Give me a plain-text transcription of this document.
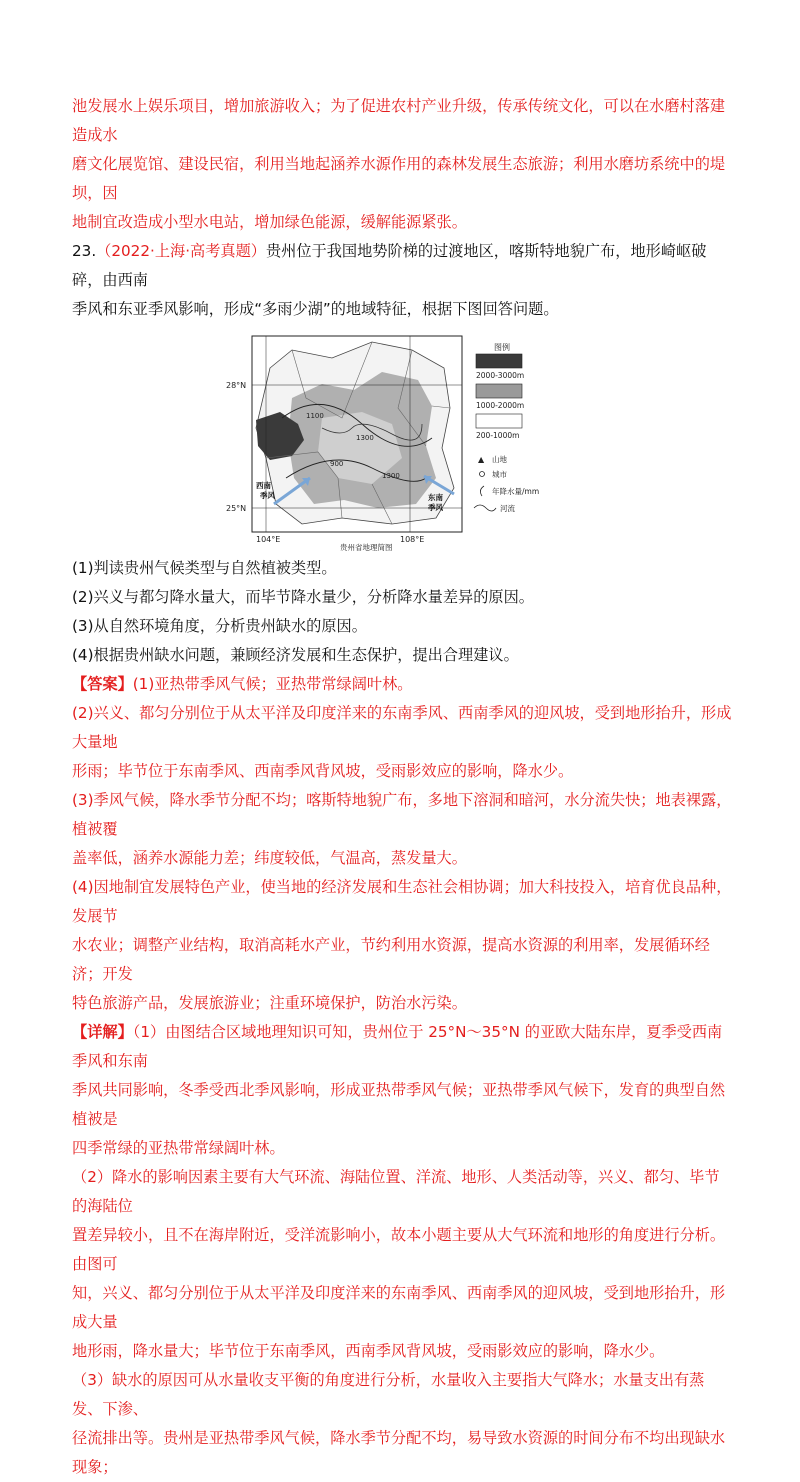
池发展水上娱乐项目，增加旅游收入；为了促进农村产业升级，传承传统文化，可以在水磨村落建造成水

磨文化展览馆、建设民宿，利用当地起涵养水源作用的森林发展生态旅游；利用水磨坊系统中的堤坝，因

地制宜改造成小型水电站，增加绿色能源，缓解能源紧张。

23.（2022·上海·高考真题）贵州位于我国地势阶梯的过渡地区，喀斯特地貌广布，地形崎岖破碎，由西南

季风和东亚季风影响，形成“多雨少湖”的地域特征，根据下图回答问题。

1100
1300
900
1300
28°N
25°N
104°E	108°E
贵州省地理简图
西南
季风	东南
季风
图例
2000-3000m
1000-2000m
200-1000m
▲ 山地
城市
年降水量/mm
河流

(1)判读贵州气候类型与自然植被类型。

(2)兴义与都匀降水量大，而毕节降水量少，分析降水量差异的原因。

(3)从自然环境角度，分析贵州缺水的原因。

(4)根据贵州缺水问题，兼顾经济发展和生态保护，提出合理建议。

【答案】(1)亚热带季风气候；亚热带常绿阔叶林。

(2)兴义、都匀分别位于从太平洋及印度洋来的东南季风、西南季风的迎风坡，受到地形抬升，形成大量地

形雨；毕节位于东南季风、西南季风背风坡，受雨影效应的影响，降水少。

(3)季风气候，降水季节分配不均；喀斯特地貌广布，多地下溶洞和暗河，水分流失快；地表裸露，植被覆

盖率低，涵养水源能力差；纬度较低，气温高，蒸发量大。

(4)因地制宜发展特色产业，使当地的经济发展和生态社会相协调；加大科技投入，培育优良品种，发展节

水农业；调整产业结构，取消高耗水产业，节约利用水资源，提高水资源的利用率，发展循环经济；开发

特色旅游产品，发展旅游业；注重环境保护，防治水污染。

【详解】（1）由图结合区域地理知识可知，贵州位于 25°N～35°N 的亚欧大陆东岸，夏季受西南季风和东南

季风共同影响，冬季受西北季风影响，形成亚热带季风气候；亚热带季风气候下，发育的典型自然植被是

四季常绿的亚热带常绿阔叶林。

（2）降水的影响因素主要有大气环流、海陆位置、洋流、地形、人类活动等，兴义、都匀、毕节的海陆位

置差异较小，且不在海岸附近，受洋流影响小，故本小题主要从大气环流和地形的角度进行分析。由图可

知，兴义、都匀分别位于从太平洋及印度洋来的东南季风、西南季风的迎风坡，受到地形抬升，形成大量

地形雨，降水量大；毕节位于东南季风，西南季风背风坡，受雨影效应的影响，降水少。

（3）缺水的原因可从水量收支平衡的角度进行分析，水量收入主要指大气降水；水量支出有蒸发、下渗、

径流排出等。贵州是亚热带季风气候，降水季节分配不均，易导致水资源的时间分布不均出现缺水现象；
